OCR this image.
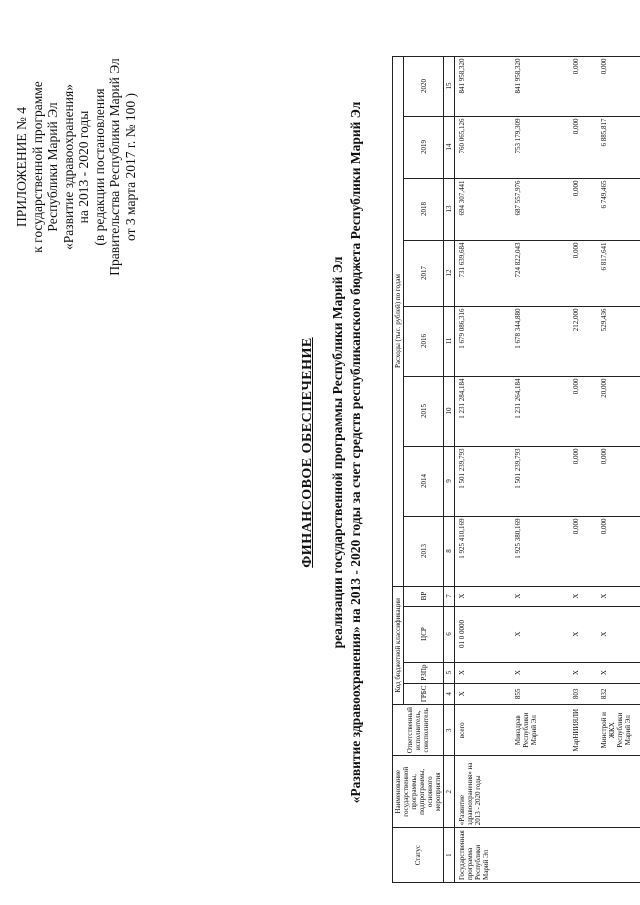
ПРИЛОЖЕНИЕ № 4 к государственной программе Республики Марий Эл «Развитие здравоохранения» на 2013 - 2020 годы (в редакции постановления Правительства Республики Марий Эл от 3 марта 2017 г. № 100 )
ФИНАНСОВОЕ ОБЕСПЕЧЕНИЕ реализации государственной программы Республики Марий Эл «Развитие здравоохранения» на 2013 - 2020 годы за счет средств республиканского бюджета Республики Марий Эл
Статус	Наименование государственной программы, подпрограммы, основного мероприятия	Ответственный исполнитель, соисполнитель	Код бюджетной классификации				Расходы (тыс. рублей) по годам							
			ГРБС	РЗПр	ЦСР	ВР	2013	2014	2015	2016	2017	2018	2019	2020

1	2	3	4	5	6	7	8	9	10	11	12	13	14	15
Государственная программа Республики Марий Эл	«Развитие здравоохранения» на 2013 - 2020 годы	всего	Х	Х	01 0 0000	Х	1 925 410,169	1 501 239,793	1 231 284,184	1 679 086,316	731 639,684	694 307,441	760 065,126	841 958,320
		Минздрав Республики Марий Эл	855	Х	Х	Х	1 925 380,169	1 501 239,793	1 231 264,184	1 678 344,880	724 822,043	687 557,976	753 179,309	841 958,320
		МарНИИЯЛИ	803	Х	Х	Х	0,000	0,000	0,000	212,000	0,000	0,000	0,000	0,000
		Минстрой и ЖКХ Республики Марий Эл	832	Х	Х	Х	0,000	0,000	20,000	529,436	6 817,641	6 749,465	6 885,817	0,000
